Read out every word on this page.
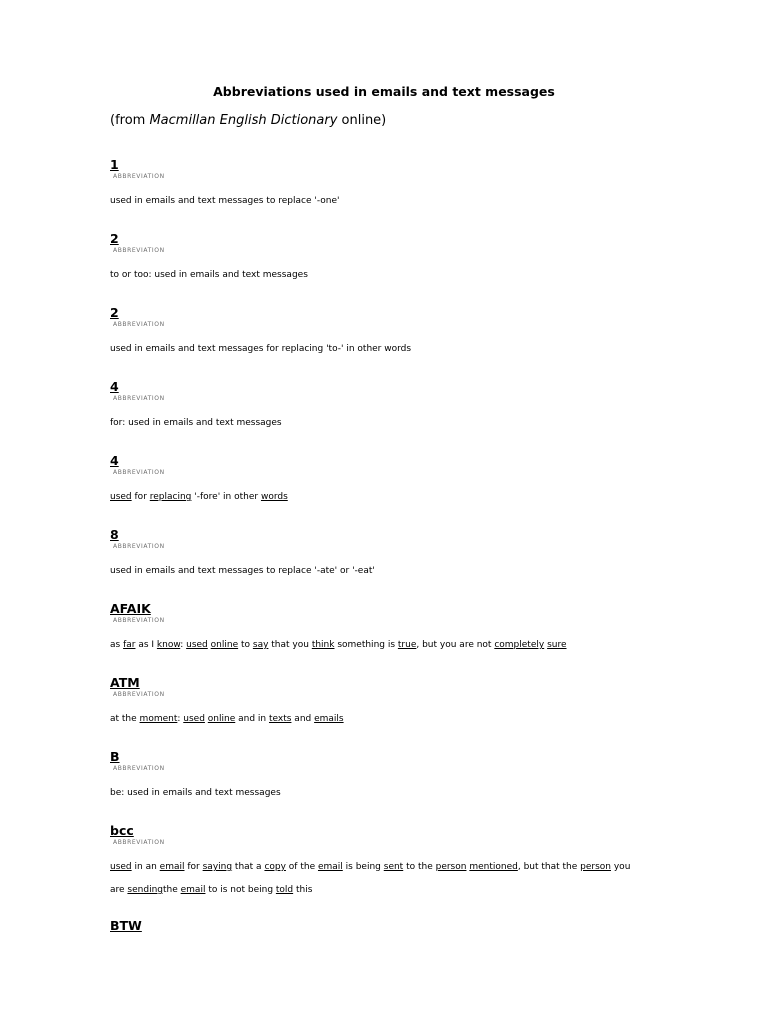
Abbreviations used in emails and text messages

(from Macmillan English Dictionary online)

1
ABBREVIATION
used in emails and text messages to replace '-one'
2
ABBREVIATION
to or too: used in emails and text messages
2
ABBREVIATION
used in emails and text messages for replacing 'to-' in other words
4
ABBREVIATION
for: used in emails and text messages
4
ABBREVIATION
used for replacing '-fore' in other words
8
ABBREVIATION
used in emails and text messages to replace '-ate' or '-eat'
AFAIK
ABBREVIATION
as far as I know: used online to say that you think something is true, but you are not completely sure
ATM
ABBREVIATION
at the moment: used online and in texts and emails
B
ABBREVIATION
be: used in emails and text messages
bcc
ABBREVIATION
used in an email for saying that a copy of the email is being sent to the person mentioned, but that the person you
are sendingthe email to is not being told this
BTW
